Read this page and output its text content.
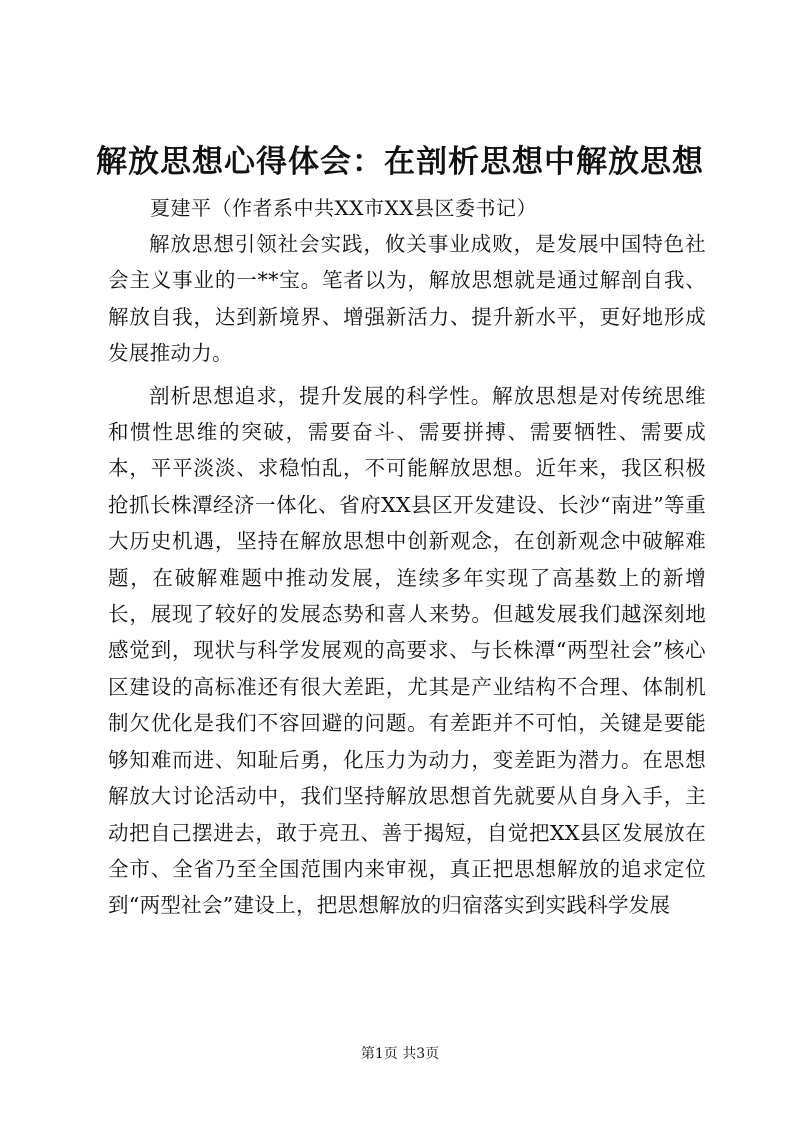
解放思想心得体会：在剖析思想中解放思想

夏建平（作者系中共XX市XX县区委书记）

解放思想引领社会实践，攸关事业成败，是发展中国特色社会主义事业的一**宝。笔者以为，解放思想就是通过解剖自我、解放自我，达到新境界、增强新活力、提升新水平，更好地形成发展推动力。

剖析思想追求，提升发展的科学性。解放思想是对传统思维和惯性思维的突破，需要奋斗、需要拼搏、需要牺牲、需要成本，平平淡淡、求稳怕乱，不可能解放思想。近年来，我区积极抢抓长株潭经济一体化、省府XX县区开发建设、长沙“南进”等重大历史机遇，坚持在解放思想中创新观念，在创新观念中破解难题，在破解难题中推动发展，连续多年实现了高基数上的新增长，展现了较好的发展态势和喜人来势。但越发展我们越深刻地感觉到，现状与科学发展观的高要求、与长株潭“两型社会”核心区建设的高标准还有很大差距，尤其是产业结构不合理、体制机制欠优化是我们不容回避的问题。有差距并不可怕，关键是要能够知难而进、知耻后勇，化压力为动力，变差距为潜力。在思想解放大讨论活动中，我们坚持解放思想首先就要从自身入手，主动把自己摆进去，敢于亮丑、善于揭短，自觉把XX县区发展放在全市、全省乃至全国范围内来审视，真正把思想解放的追求定位到“两型社会”建设上，把思想解放的归宿落实到实践科学发展

第1页 共3页
